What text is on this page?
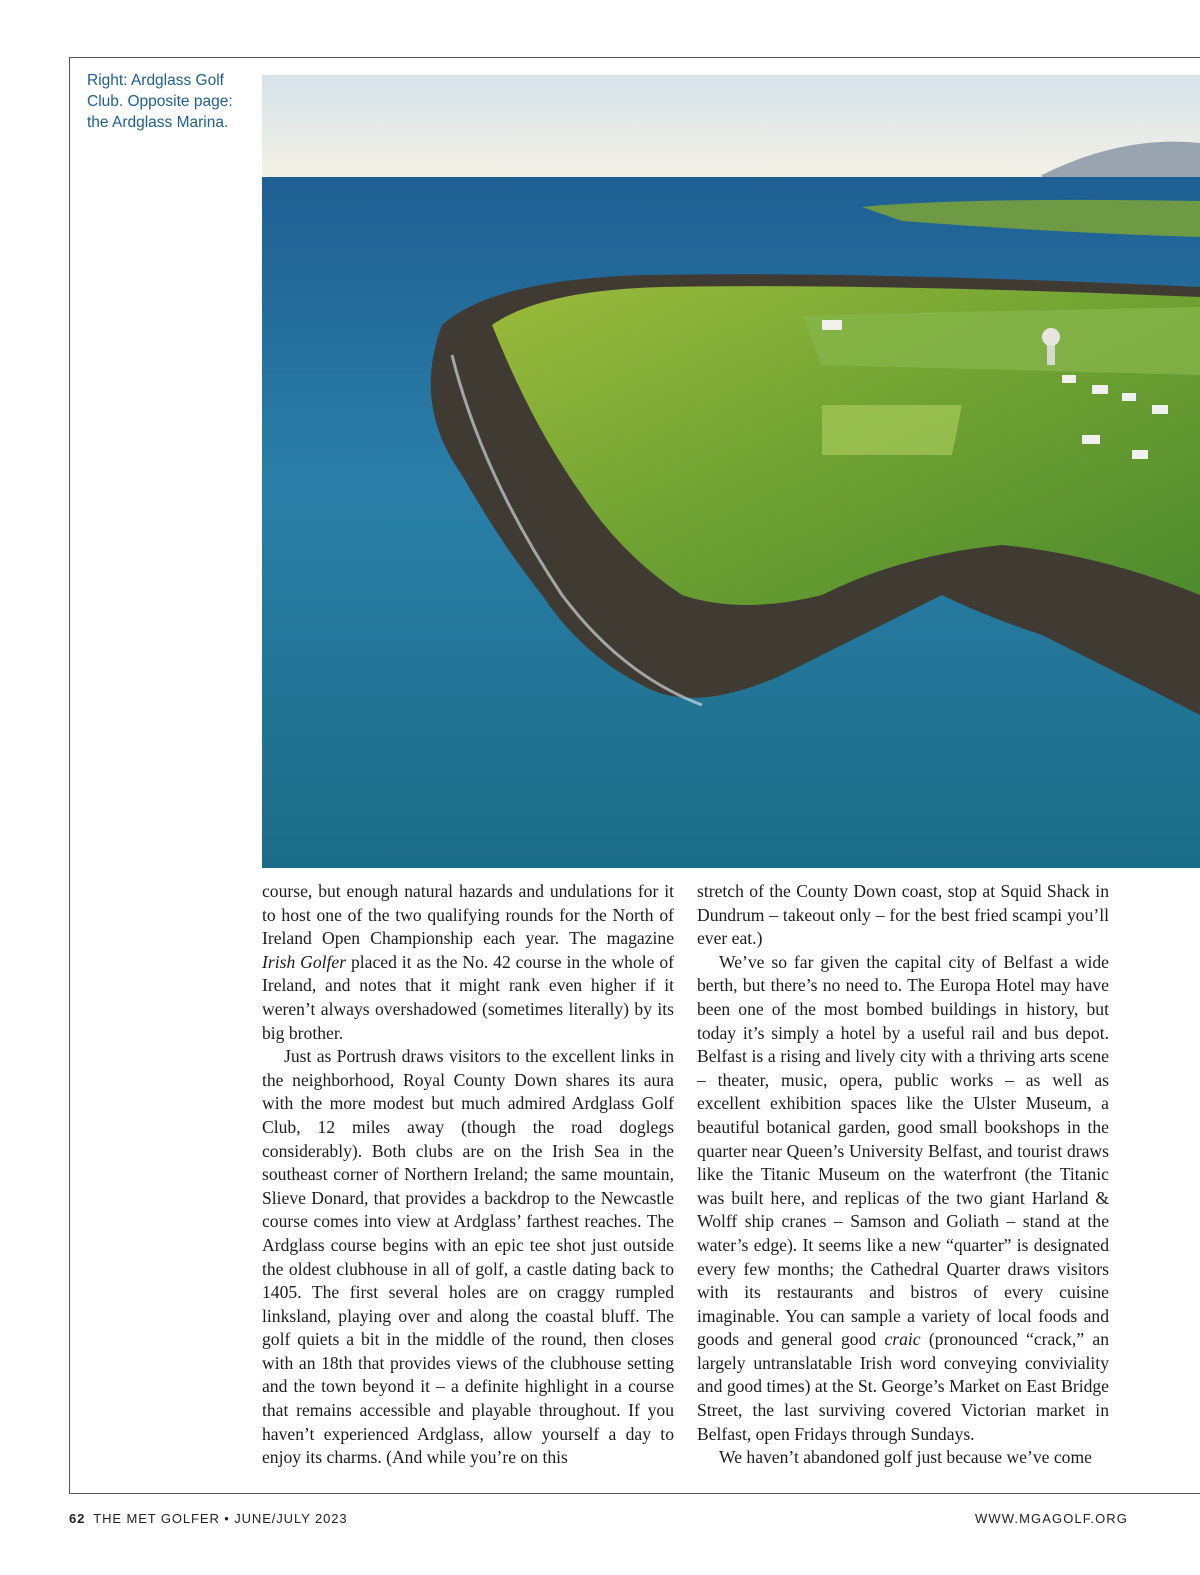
Right: Ardglass Golf Club. Opposite page: the Ardglass Marina.

course, but enough natural hazards and undulations for it to host one of the two qualifying rounds for the North of Ireland Open Championship each year. The magazine Irish Golfer placed it as the No. 42 course in the whole of Ireland, and notes that it might rank even higher if it weren’t always overshadowed (sometimes literally) by its big brother.

Just as Portrush draws visitors to the excellent links in the neighborhood, Royal County Down shares its aura with the more modest but much admired Ardglass Golf Club, 12 miles away (though the road doglegs considerably). Both clubs are on the Irish Sea in the southeast corner of Northern Ireland; the same mountain, Slieve Donard, that provides a backdrop to the Newcastle course comes into view at Ardglass’ farthest reaches. The Ardglass course begins with an epic tee shot just outside the oldest clubhouse in all of golf, a castle dating back to 1405. The first several holes are on craggy rumpled linksland, playing over and along the coastal bluff. The golf quiets a bit in the middle of the round, then closes with an 18th that provides views of the clubhouse setting and the town beyond it – a definite highlight in a course that remains accessible and playable throughout. If you haven’t experienced Ardglass, allow yourself a day to enjoy its charms. (And while you’re on this

stretch of the County Down coast, stop at Squid Shack in Dundrum – takeout only – for the best fried scampi you’ll ever eat.)

We’ve so far given the capital city of Belfast a wide berth, but there’s no need to. The Europa Hotel may have been one of the most bombed buildings in history, but today it’s simply a hotel by a useful rail and bus depot. Belfast is a rising and lively city with a thriving arts scene – theater, music, opera, public works – as well as excellent exhibition spaces like the Ulster Museum, a beautiful botanical garden, good small bookshops in the quarter near Queen’s University Belfast, and tourist draws like the Titanic Museum on the waterfront (the Titanic was built here, and replicas of the two giant Harland & Wolff ship cranes – Samson and Goliath – stand at the water’s edge). It seems like a new “quarter” is designated every few months; the Cathedral Quarter draws visitors with its restaurants and bistros of every cuisine imaginable. You can sample a variety of local foods and goods and general good craic (pronounced “crack,” an largely untranslatable Irish word conveying conviviality and good times) at the St. George’s Market on East Bridge Street, the last surviving covered Victorian market in Belfast, open Fridays through Sundays.

We haven’t abandoned golf just because we’ve come

62 THE MET GOLFER • JUNE/JULY 2023	WWW.MGAGOLF.ORG
